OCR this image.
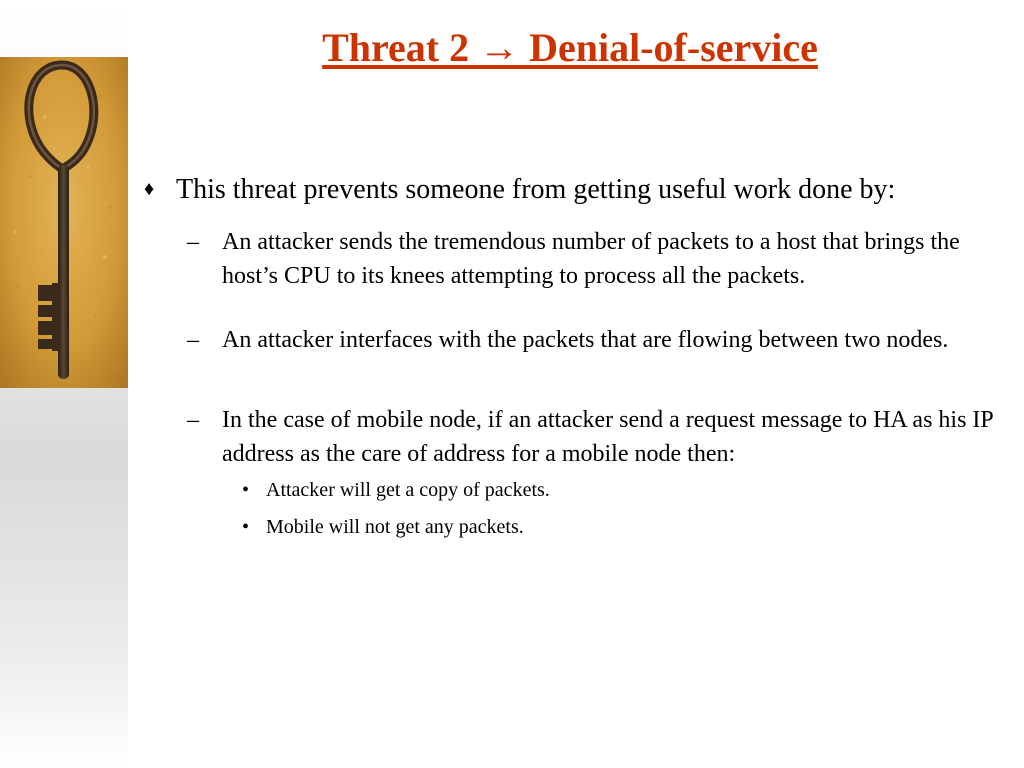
Threat 2 → Denial-of-service
♦ This threat prevents someone from getting useful work done by:
– An attacker sends the tremendous number of packets to a host that brings the host’s CPU to its knees attempting to process all the packets.
– An attacker interfaces with the packets that are flowing between two nodes.
– In the case of mobile node, if an attacker send a request message to HA as his IP address as the care of address for a mobile node then:
• Attacker will get a copy of packets.
• Mobile will not get any packets.
